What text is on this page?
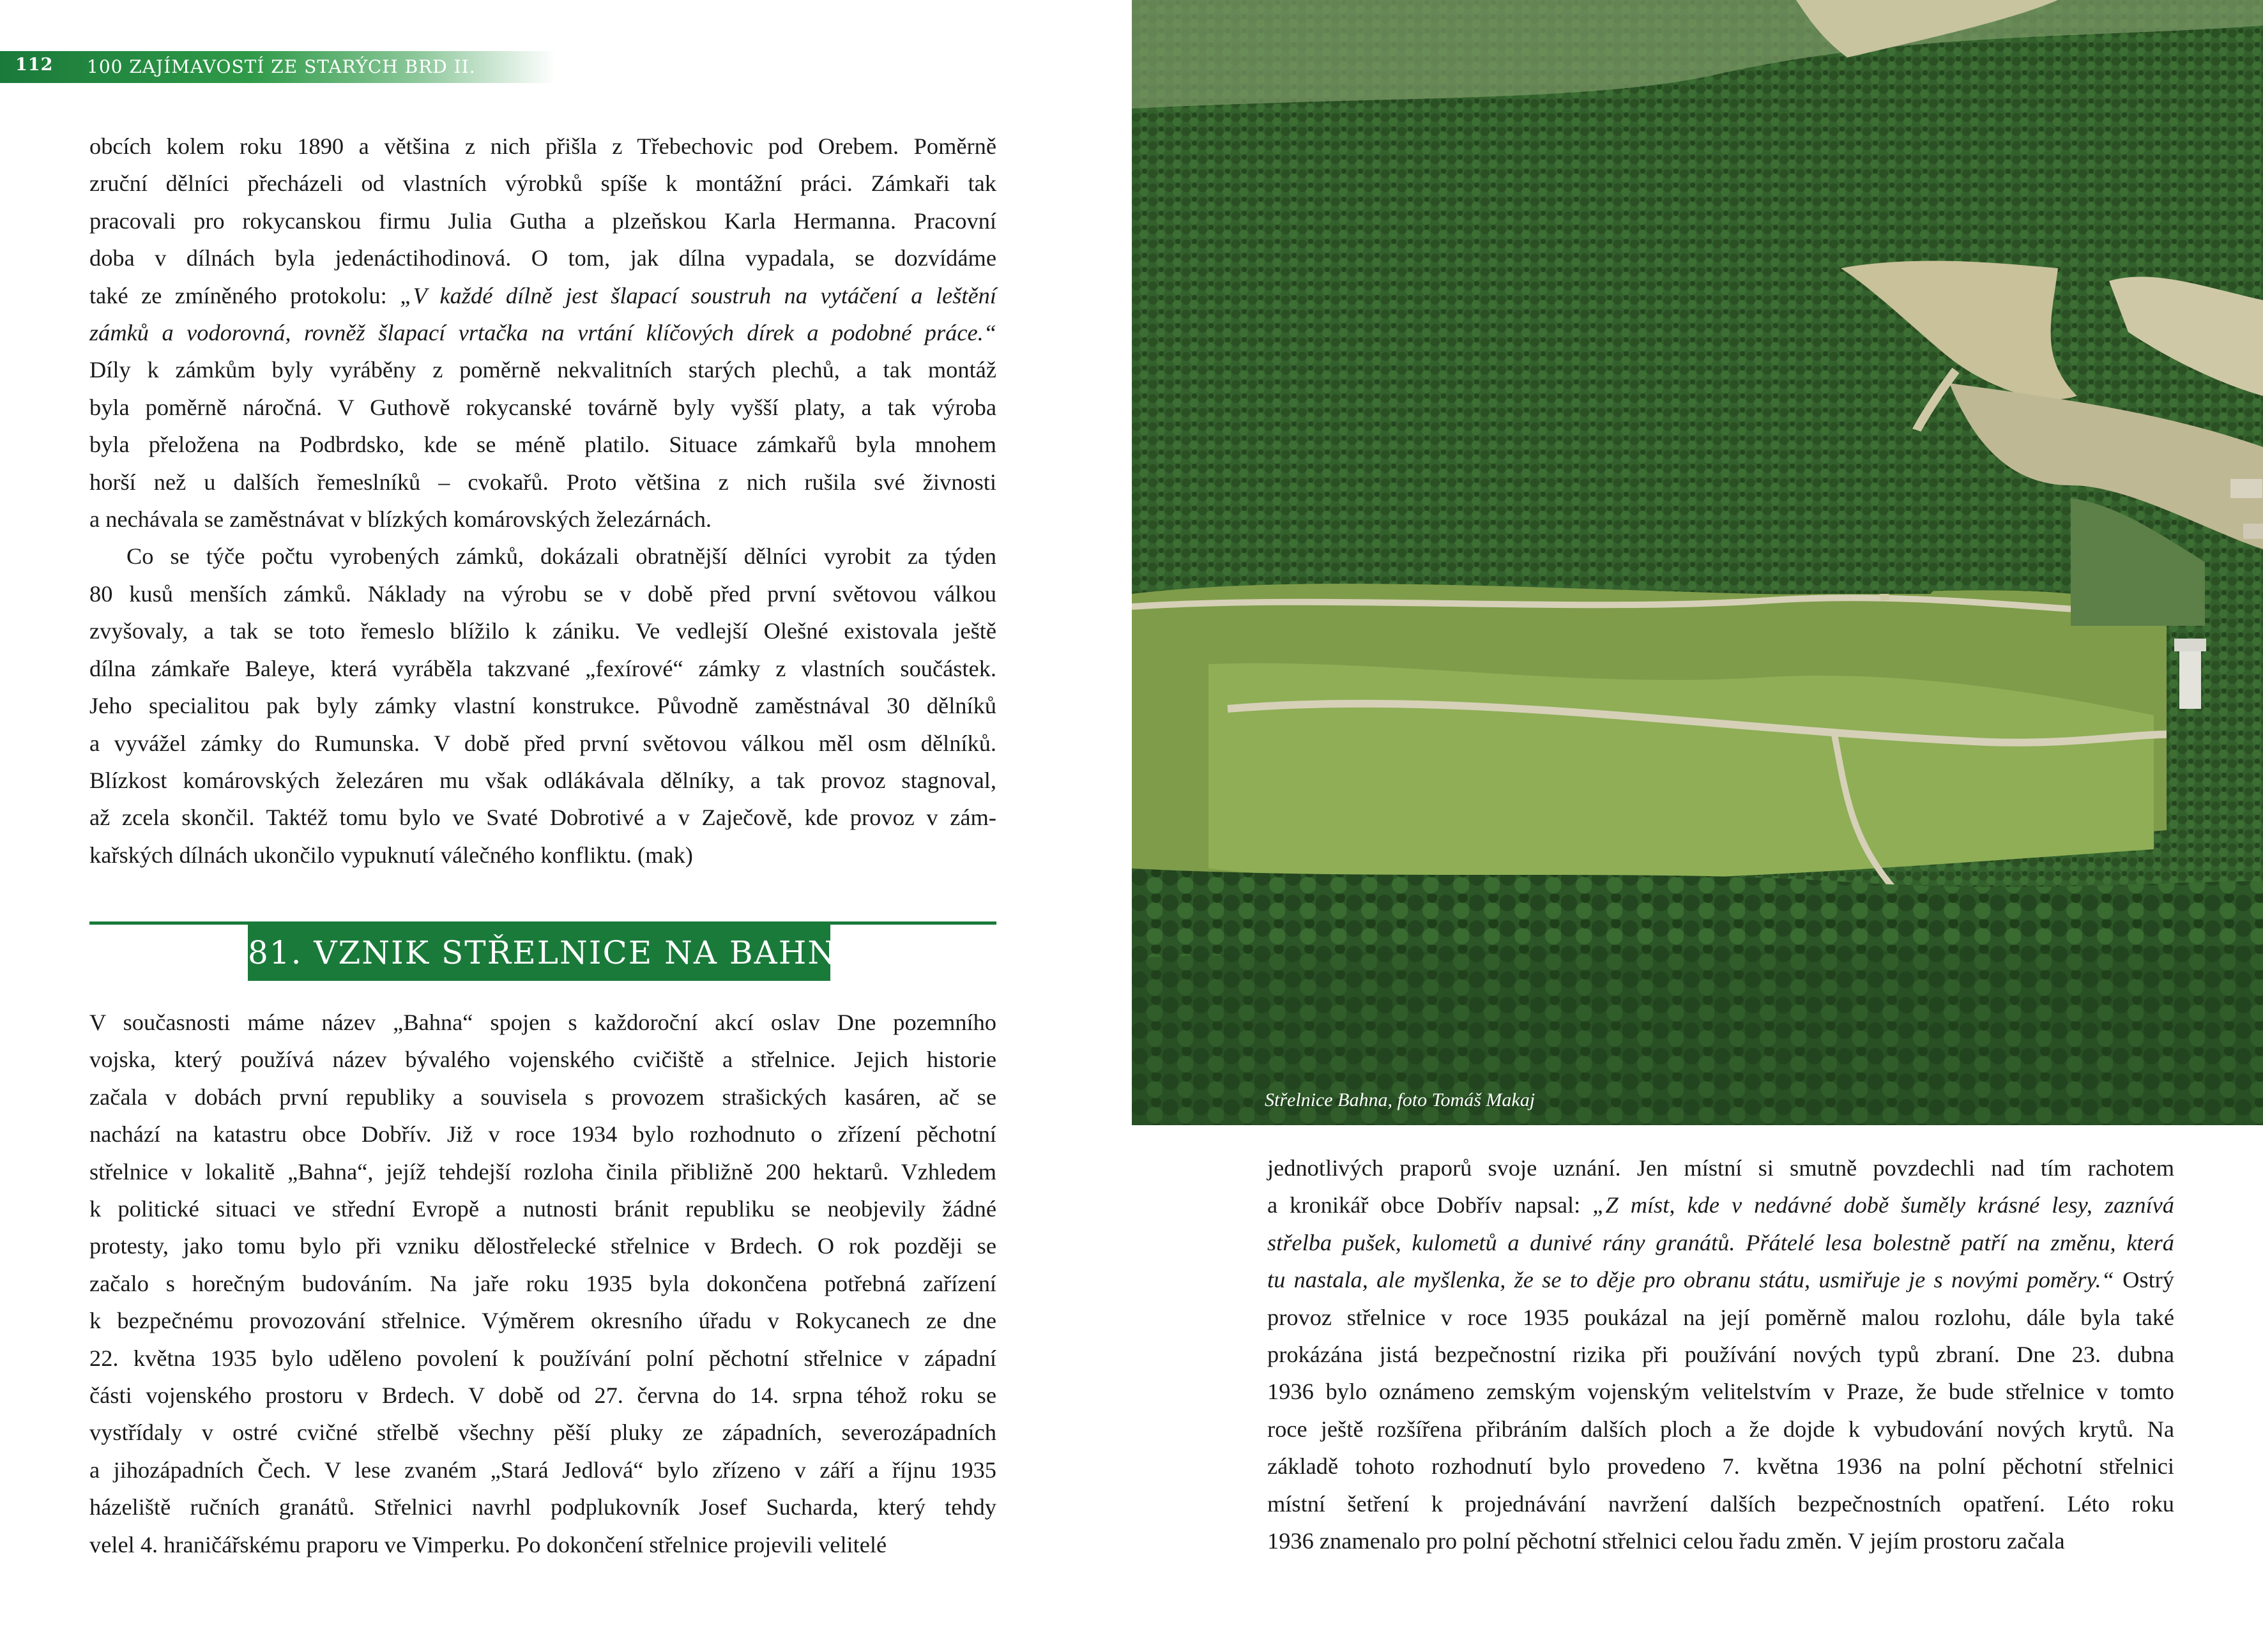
112 100 ZAJÍMAVOSTÍ ZE STARÝCH BRD II.
obcích kolem roku 1890 a většina z nich přišla z Třebechovic pod Orebem. Poměrně
zruční dělníci přecházeli od vlastních výrobků spíše k montážní práci. Zámkaři tak
pracovali pro rokycanskou firmu Julia Gutha a plzeňskou Karla Hermanna. Pracovní
doba v dílnách byla jedenáctihodinová. O tom, jak dílna vypadala, se dozvídáme
také ze zmíněného protokolu: „V každé dílně jest šlapací soustruh na vytáčení a leštění
zámků a vodorovná, rovněž šlapací vrtačka na vrtání klíčových dírek a podobné práce.“
Díly k zámkům byly vyráběny z poměrně nekvalitních starých plechů, a tak montáž
byla poměrně náročná. V Guthově rokycanské továrně byly vyšší platy, a tak výroba
byla přeložena na Podbrdsko, kde se méně platilo. Situace zámkařů byla mnohem
horší než u dalších řemeslníků – cvokařů. Proto většina z nich rušila své živnosti
a nechávala se zaměstnávat v blízkých komárovských železárnách.
Co se týče počtu vyrobených zámků, dokázali obratnější dělníci vyrobit za týden
80 kusů menších zámků. Náklady na výrobu se v době před první světovou válkou
zvyšovaly, a tak se toto řemeslo blížilo k zániku. Ve vedlejší Olešné existovala ještě
dílna zámkaře Baleye, která vyráběla takzvané „fexírové“ zámky z vlastních součástek.
Jeho specialitou pak byly zámky vlastní konstrukce. Původně zaměstnával 30 dělníků
a vyvážel zámky do Rumunska. V době před první světovou válkou měl osm dělníků.
Blízkost komárovských železáren mu však odlákávala dělníky, a tak provoz stagnoval,
až zcela skončil. Taktéž tomu bylo ve Svaté Dobrotivé a v Zaječově, kde provoz v zám-
kařských dílnách ukončilo vypuknutí válečného konfliktu. (mak)
81. VZNIK STŘELNICE NA BAHNECH
V současnosti máme název „Bahna“ spojen s každoroční akcí oslav Dne pozemního
vojska, který používá název bývalého vojenského cvičiště a střelnice. Jejich historie
začala v dobách první republiky a souvisela s provozem strašických kasáren, ač se
nachází na katastru obce Dobřív. Již v roce 1934 bylo rozhodnuto o zřízení pěchotní
střelnice v lokalitě „Bahna“, jejíž tehdejší rozloha činila přibližně 200 hektarů. Vzhledem
k politické situaci ve střední Evropě a nutnosti bránit republiku se neobjevily žádné
protesty, jako tomu bylo při vzniku dělostřelecké střelnice v Brdech. O rok později se
začalo s horečným budováním. Na jaře roku 1935 byla dokončena potřebná zařízení
k bezpečnému provozování střelnice. Výměrem okresního úřadu v Rokycanech ze dne
22. května 1935 bylo uděleno povolení k používání polní pěchotní střelnice v západní
části vojenského prostoru v Brdech. V době od 27. června do 14. srpna téhož roku se
vystřídaly v ostré cvičné střelbě všechny pěší pluky ze západních, severozápadních
a jihozápadních Čech. V lese zvaném „Stará Jedlová“ bylo zřízeno v září a říjnu 1935
házeliště ručních granátů. Střelnici navrhl podplukovník Josef Sucharda, který tehdy
velel 4. hraničářskému praporu ve Vimperku. Po dokončení střelnice projevili velitelé
Střelnice Bahna, foto Tomáš Makaj
jednotlivých praporů svoje uznání. Jen místní si smutně povzdechli nad tím rachotem
a kronikář obce Dobřív napsal: „Z míst, kde v nedávné době šuměly krásné lesy, zaznívá
střelba pušek, kulometů a dunivé rány granátů. Přátelé lesa bolestně patří na změnu, která
tu nastala, ale myšlenka, že se to děje pro obranu státu, usmiřuje je s novými poměry.“ Ostrý
provoz střelnice v roce 1935 poukázal na její poměrně malou rozlohu, dále byla také
prokázána jistá bezpečnostní rizika při používání nových typů zbraní. Dne 23. dubna
1936 bylo oznámeno zemským vojenským velitelstvím v Praze, že bude střelnice v tomto
roce ještě rozšířena přibráním dalších ploch a že dojde k vybudování nových krytů. Na
základě tohoto rozhodnutí bylo provedeno 7. května 1936 na polní pěchotní střelnici
místní šetření k projednávání navržení dalších bezpečnostních opatření. Léto roku
1936 znamenalo pro polní pěchotní střelnici celou řadu změn. V jejím prostoru začala
